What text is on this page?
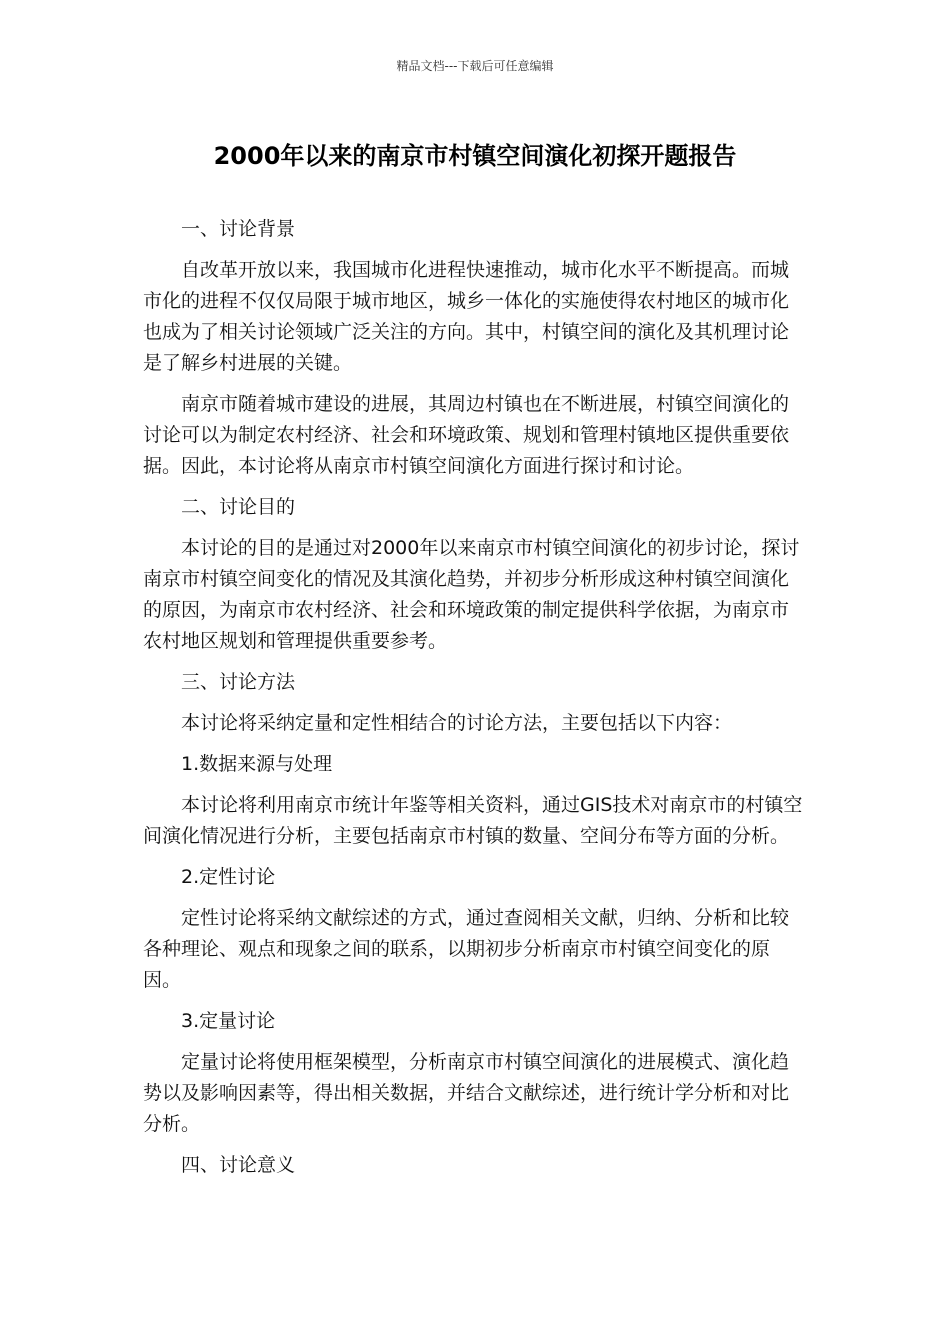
精品文档---下载后可任意编辑
2000年以来的南京市村镇空间演化初探开题报告

一、讨论背景

自改革开放以来，我国城市化进程快速推动，城市化水平不断提高。而城市化的进程不仅仅局限于城市地区，城乡一体化的实施使得农村地区的城市化也成为了相关讨论领域广泛关注的方向。其中，村镇空间的演化及其机理讨论是了解乡村进展的关键。

南京市随着城市建设的进展，其周边村镇也在不断进展，村镇空间演化的讨论可以为制定农村经济、社会和环境政策、规划和管理村镇地区提供重要依据。因此，本讨论将从南京市村镇空间演化方面进行探讨和讨论。

二、讨论目的

本讨论的目的是通过对2000年以来南京市村镇空间演化的初步讨论，探讨南京市村镇空间变化的情况及其演化趋势，并初步分析形成这种村镇空间演化的原因，为南京市农村经济、社会和环境政策的制定提供科学依据，为南京市农村地区规划和管理提供重要参考。

三、讨论方法

本讨论将采纳定量和定性相结合的讨论方法，主要包括以下内容：

1.数据来源与处理

本讨论将利用南京市统计年鉴等相关资料，通过GIS技术对南京市的村镇空间演化情况进行分析，主要包括南京市村镇的数量、空间分布等方面的分析。

2.定性讨论

定性讨论将采纳文献综述的方式，通过查阅相关文献，归纳、分析和比较各种理论、观点和现象之间的联系，以期初步分析南京市村镇空间变化的原因。

3.定量讨论

定量讨论将使用框架模型，分析南京市村镇空间演化的进展模式、演化趋势以及影响因素等，得出相关数据，并结合文献综述，进行统计学分析和对比分析。

四、讨论意义
